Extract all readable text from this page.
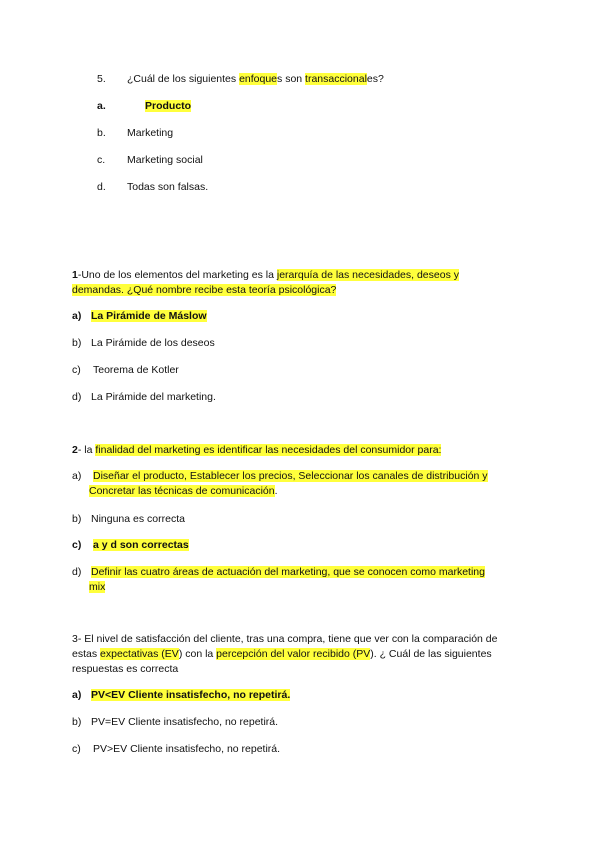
5. ¿Cuál de los siguientes enfoques son transaccionales?
a.	Producto
b. Marketing
c. Marketing social
d. Todas son falsas.
1-Uno de los elementos del marketing es la jerarquía de las necesidades, deseos y
demandas. ¿Qué nombre recibe esta teoría psicológica?
a) La Pirámide de Máslow
b) La Pirámide de los deseos
c) Teorema de Kotler
d) La Pirámide del marketing.
2- la finalidad del marketing es identificar las necesidades del consumidor para:
a) Diseñar el producto, Establecer los precios, Seleccionar los canales de distribución y
Concretar las técnicas de comunicación.
b) Ninguna es correcta
c) a y d son correctas
d) Definir las cuatro áreas de actuación del marketing, que se conocen como marketing
mix
3- El nivel de satisfacción del cliente, tras una compra, tiene que ver con la comparación de
estas expectativas (EV) con la percepción del valor recibido (PV). ¿ Cuál de las siguientes
respuestas es correcta
a) PV<EV Cliente insatisfecho, no repetirá.
b) PV=EV Cliente insatisfecho, no repetirá.
c) PV>EV Cliente insatisfecho, no repetirá.
